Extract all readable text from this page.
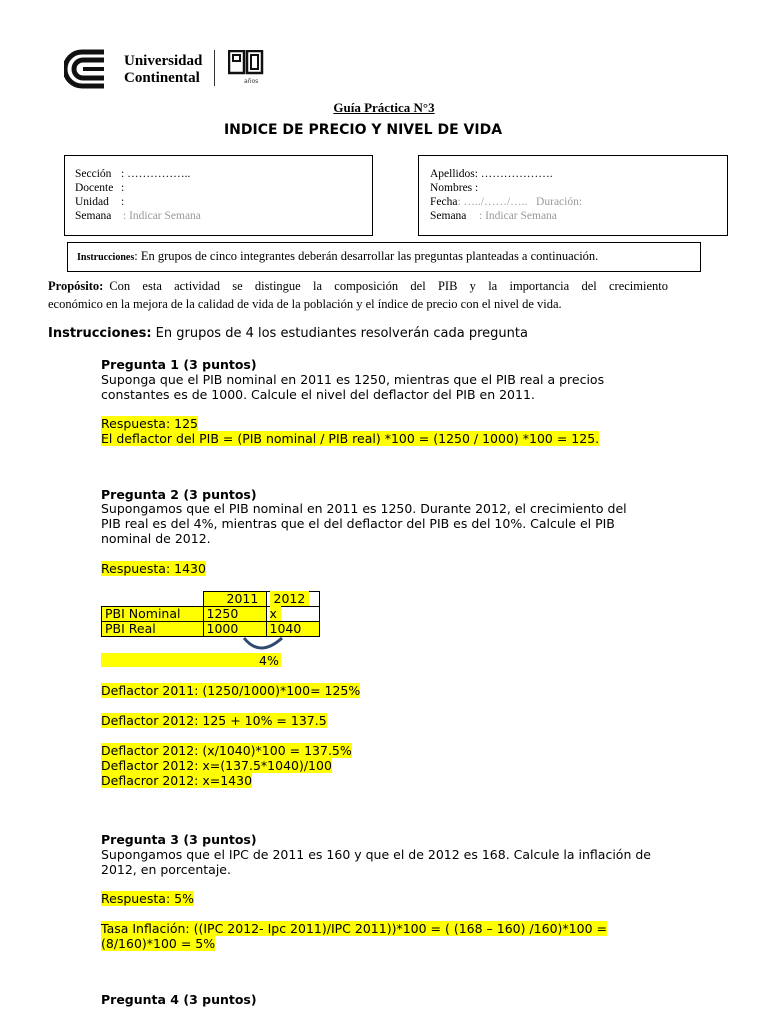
Universidad
Continental	años
Guía Práctica N°3
INDICE DE PRECIO Y NIVEL DE VIDA
Sección : ……………..
Docente :
Unidad :
Semana : Indicar Semana
Apellidos: ……………….
Nombres :
Fecha: …../……/…..   Duración:
Semana : Indicar Semana
Instrucciones: En grupos de cinco integrantes deberán desarrollar las preguntas planteadas a continuación.
Propósito: Con esta actividad se distingue la composición del PIB y la importancia del crecimiento
económico en la mejora de la calidad de vida de la población y el índice de precio con el nivel de vida.
Instrucciones: En grupos de 4 los estudiantes resolverán cada pregunta
Pregunta 1 (3 puntos)
Suponga que el PIB nominal en 2011 es 1250, mientras que el PIB real a precios
constantes es de 1000. Calcule el nivel del deflactor del PIB en 2011.
Respuesta: 125
El deflactor del PIB = (PIB nominal / PIB real) *100 = (1250 / 1000) *100 = 125.
Pregunta 2 (3 puntos)
Supongamos que el PIB nominal en 2011 es 1250. Durante 2012, el crecimiento del
PIB real es del 4%, mientras que el del deflactor del PIB es del 10%. Calcule el PIB
nominal de 2012.
Respuesta: 1430
	2011	2012
PBI Nominal	1250	x
PBI Real	1000	1040
4%
Deflactor 2011: (1250/1000)*100= 125%
Deflactor 2012: 125 + 10% = 137.5
Deflactor 2012: (x/1040)*100 = 137.5%
Deflactor 2012: x=(137.5*1040)/100
Deflacror 2012: x=1430
Pregunta 3 (3 puntos)
Supongamos que el IPC de 2011 es 160 y que el de 2012 es 168. Calcule la inflación de
2012, en porcentaje.
Respuesta: 5%
Tasa Inflación: ((IPC 2012- Ipc 2011)/IPC 2011))*100 = ( (168 – 160) /160)*100 =
(8/160)*100 = 5%
Pregunta 4 (3 puntos)
